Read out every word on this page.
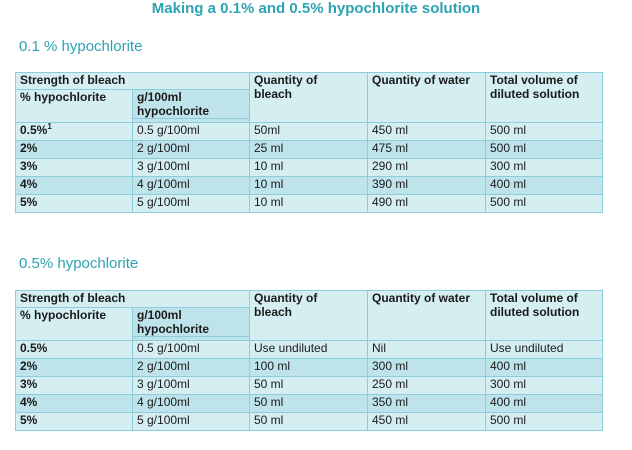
Making a 0.1% and 0.5% hypochlorite solution
0.1 % hypochlorite
Strength of bleach		Quantity of
bleach	Quantity of water	Total volume of
diluted solution
% hypochlorite	g/100ml
hypochlorite			

0.5%$^1$	0.5 g/100ml	50ml	450 ml	500 ml
2%	2 g/100ml	25 ml	475 ml	500 ml
3%	3 g/100ml	10 ml	290 ml	300 ml
4%	4 g/100ml	10 ml	390 ml	400 ml
5%	5 g/100ml	10 ml	490 ml	500 ml
0.5% hypochlorite
Strength of bleach		Quantity of
bleach	Quantity of water	Total volume of
diluted solution
% hypochlorite	g/100ml
hypochlorite			

0.5%	0.5 g/100ml	Use undiluted	Nil	Use undiluted
2%	2 g/100ml	100 ml	300 ml	400 ml
3%	3 g/100ml	50 ml	250 ml	300 ml
4%	4 g/100ml	50 ml	350 ml	400 ml
5%	5 g/100ml	50 ml	450 ml	500 ml
